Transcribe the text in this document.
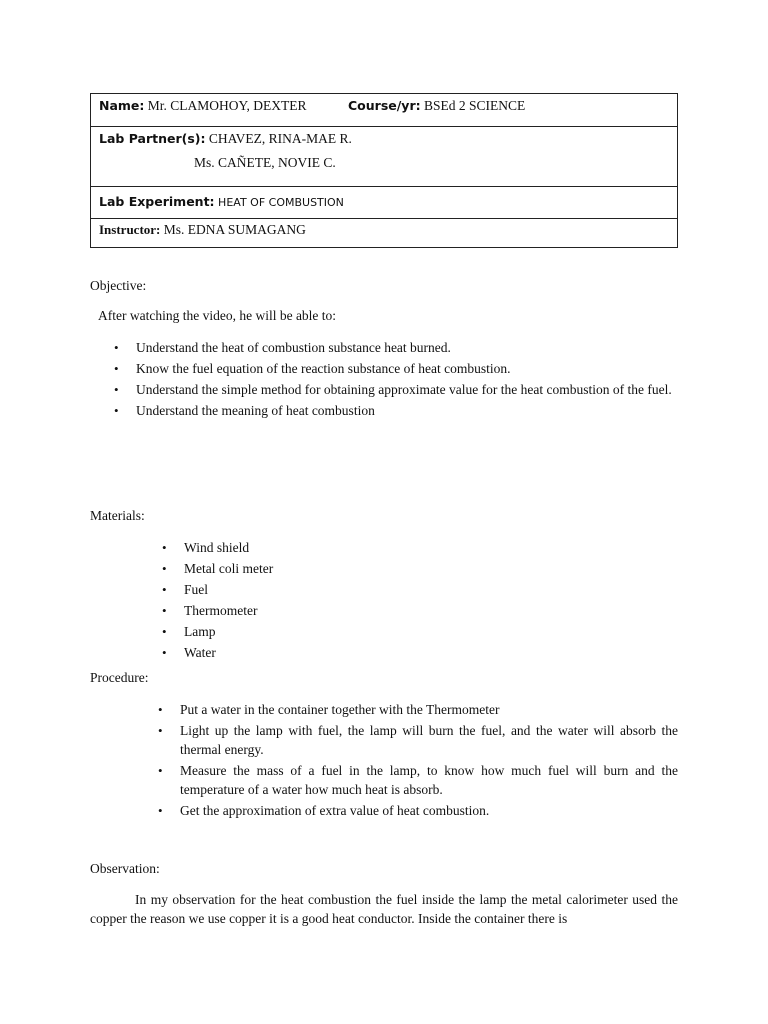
Name: Mr. CLAMOHOY, DEXTER	Course/yr: BSEd 2 SCIENCE
Lab Partner(s): CHAVEZ, RINA-MAE R.
Ms. CAÑETE, NOVIE C.
Lab Experiment: HEAT OF COMBUSTION
Instructor: Ms. EDNA SUMAGANG
Objective:
After watching the video, he will be able to:
• Understand the heat of combustion substance heat burned.
• Know the fuel equation of the reaction substance of heat combustion.
• Understand the simple method for obtaining approximate value for the heat combustion of the fuel.
• Understand the meaning of heat combustion
Materials:
• Wind shield
• Metal coli meter
• Fuel
• Thermometer
• Lamp
• Water
Procedure:
• Put a water in the container together with the Thermometer
• Light up the lamp with fuel, the lamp will burn the fuel, and the water will absorb the thermal energy.
• Measure the mass of a fuel in the lamp, to know how much fuel will burn and the temperature of a water how much heat is absorb.
• Get the approximation of extra value of heat combustion.
Observation:
In my observation for the heat combustion the fuel inside the lamp the metal calorimeter used the copper the reason we use copper it is a good heat conductor. Inside the container there is
